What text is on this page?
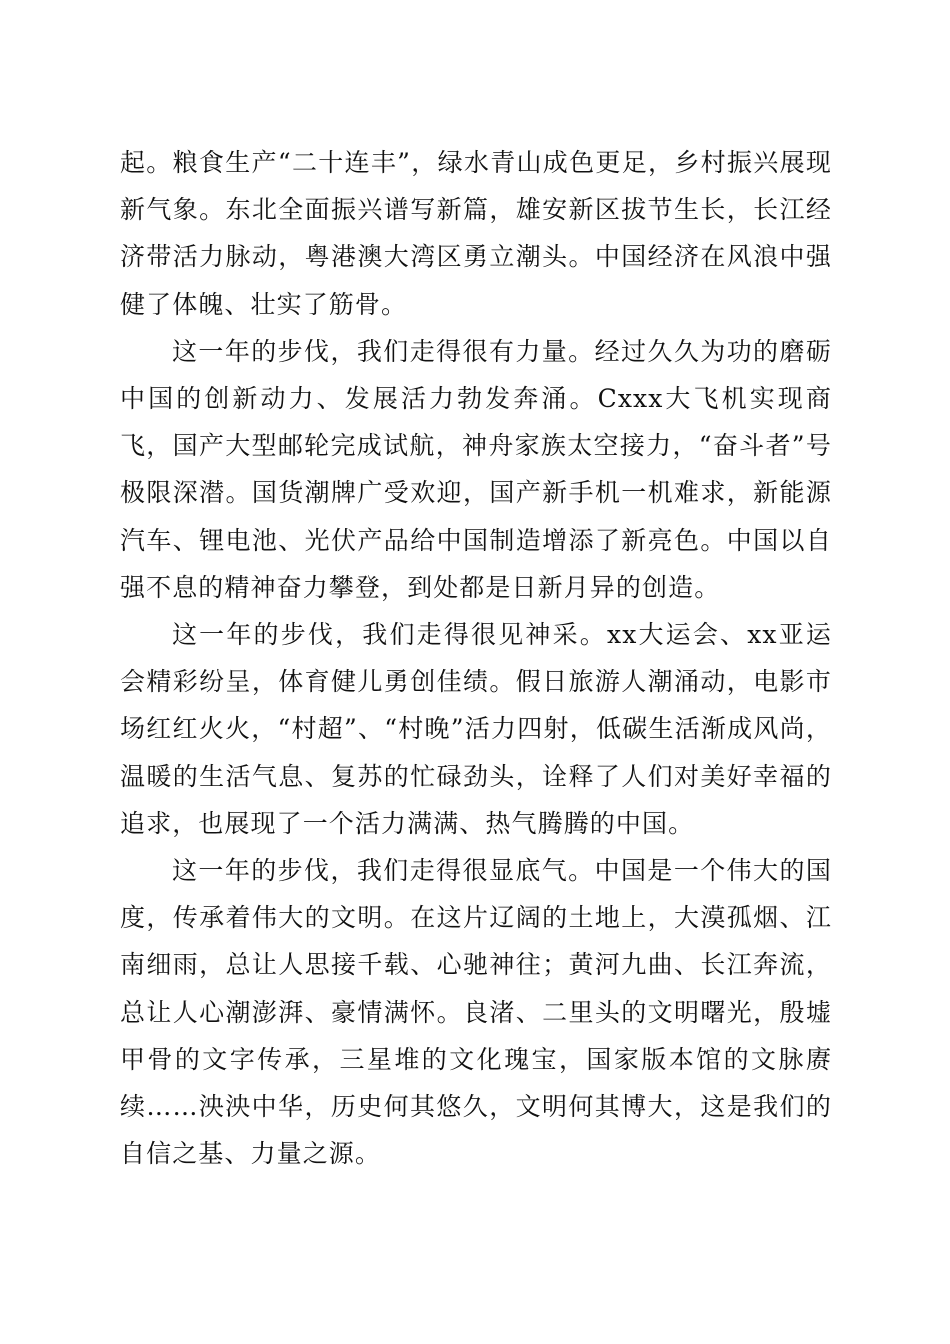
起。粮食生产“二十连丰”，绿水青山成色更足，乡村振兴展现新气象。东北全面振兴谱写新篇，雄安新区拔节生长，长江经济带活力脉动，粤港澳大湾区勇立潮头。中国经济在风浪中强健了体魄、壮实了筋骨。

这一年的步伐，我们走得很有力量。经过久久为功的磨砺中国的创新动力、发展活力勃发奔涌。Cxxx大飞机实现商飞，国产大型邮轮完成试航，神舟家族太空接力，“奋斗者”号极限深潜。国货潮牌广受欢迎，国产新手机一机难求，新能源汽车、锂电池、光伏产品给中国制造增添了新亮色。中国以自强不息的精神奋力攀登，到处都是日新月异的创造。

这一年的步伐，我们走得很见神采。xx大运会、xx亚运会精彩纷呈，体育健儿勇创佳绩。假日旅游人潮涌动，电影市场红红火火，“村超”、“村晚”活力四射，低碳生活渐成风尚，温暖的生活气息、复苏的忙碌劲头，诠释了人们对美好幸福的追求，也展现了一个活力满满、热气腾腾的中国。

这一年的步伐，我们走得很显底气。中国是一个伟大的国度，传承着伟大的文明。在这片辽阔的土地上，大漠孤烟、江南细雨，总让人思接千载、心驰神往；黄河九曲、长江奔流，总让人心潮澎湃、豪情满怀。良渚、二里头的文明曙光，殷墟甲骨的文字传承，三星堆的文化瑰宝，国家版本馆的文脉赓续……泱泱中华，历史何其悠久，文明何其博大，这是我们的自信之基、力量之源。
